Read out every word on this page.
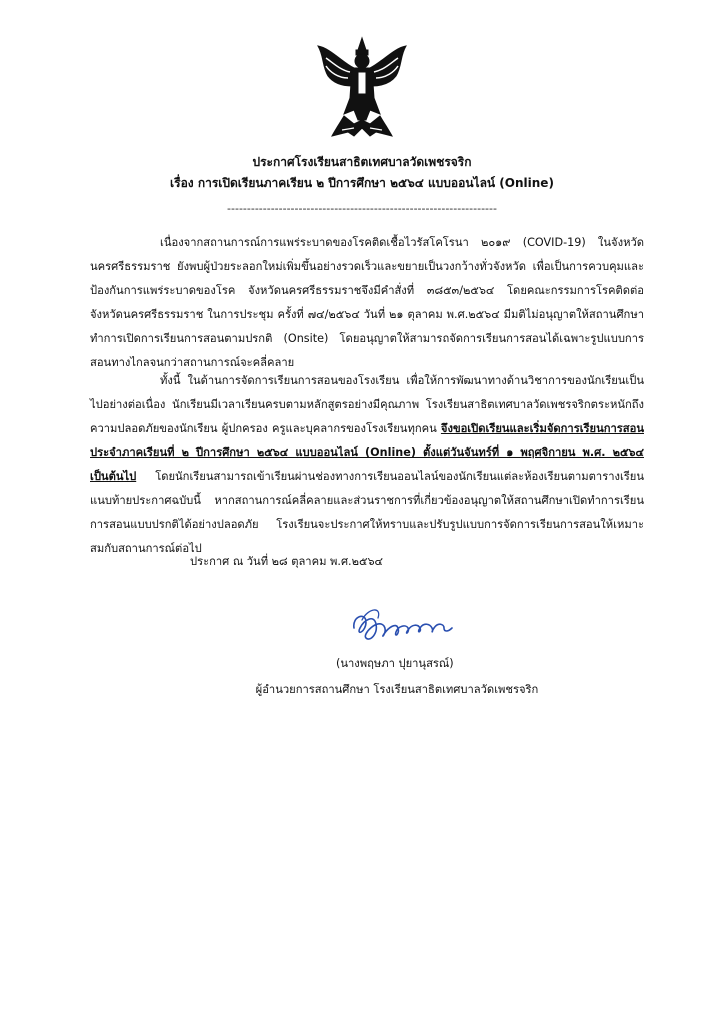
ประกาศโรงเรียนสาธิตเทศบาลวัดเพชรจริก

เรื่อง การเปิดเรียนภาคเรียน ๒ ปีการศึกษา ๒๕๖๔ แบบออนไลน์ (Online)

--------------------------------------------------------------------

เนื่องจากสถานการณ์การแพร่ระบาดของโรคติดเชื้อไวรัสโคโรนา ๒๐๑๙ (COVID-19) ในจังหวัดนครศรีธรรมราช ยังพบผู้ป่วยระลอกใหม่เพิ่มขึ้นอย่างรวดเร็วและขยายเป็นวงกว้างทั่วจังหวัด เพื่อเป็นการควบคุมและป้องกันการแพร่ระบาดของโรค จังหวัดนครศรีธรรมราชจึงมีคำสั่งที่ ๓๘๕๓/๒๕๖๔ โดยคณะกรรมการโรคติดต่อจังหวัดนครศรีธรรมราช ในการประชุม ครั้งที่ ๗๔/๒๕๖๔ วันที่ ๒๑ ตุลาคม พ.ศ.๒๕๖๔ มีมติไม่อนุญาตให้สถานศึกษาทำการเปิดการเรียนการสอนตามปรกติ (Onsite) โดยอนุญาตให้สามารถจัดการเรียนการสอนได้เฉพาะรูปแบบการสอนทางไกลจนกว่าสถานการณ์จะคลี่คลาย

ทั้งนี้ ในด้านการจัดการเรียนการสอนของโรงเรียน เพื่อให้การพัฒนาทางด้านวิชาการของนักเรียนเป็นไปอย่างต่อเนื่อง นักเรียนมีเวลาเรียนครบตามหลักสูตรอย่างมีคุณภาพ โรงเรียนสาธิตเทศบาลวัดเพชรจริกตระหนักถึงความปลอดภัยของนักเรียน ผู้ปกครอง ครูและบุคลากรของโรงเรียนทุกคน จึงขอเปิดเรียนและเริ่มจัดการเรียนการสอน ประจำภาคเรียนที่ ๒ ปีการศึกษา ๒๕๖๔ แบบออนไลน์ (Online) ตั้งแต่วันจันทร์ที่ ๑ พฤศจิกายน พ.ศ. ๒๕๖๔ เป็นต้นไป โดยนักเรียนสามารถเข้าเรียนผ่านช่องทางการเรียนออนไลน์ของนักเรียนแต่ละห้องเรียนตามตารางเรียนแนบท้ายประกาศฉบับนี้ หากสถานการณ์คลี่คลายและส่วนราชการที่เกี่ยวข้องอนุญาตให้สถานศึกษาเปิดทำการเรียนการสอนแบบปรกติได้อย่างปลอดภัย โรงเรียนจะประกาศให้ทราบและปรับรูปแบบการจัดการเรียนการสอนให้เหมาะสมกับสถานการณ์ต่อไป

ประกาศ ณ วันที่ ๒๘ ตุลาคม พ.ศ.๒๕๖๔

(นางพฤษภา ปุยานุสรณ์)

ผู้อำนวยการสถานศึกษา โรงเรียนสาธิตเทศบาลวัดเพชรจริก
